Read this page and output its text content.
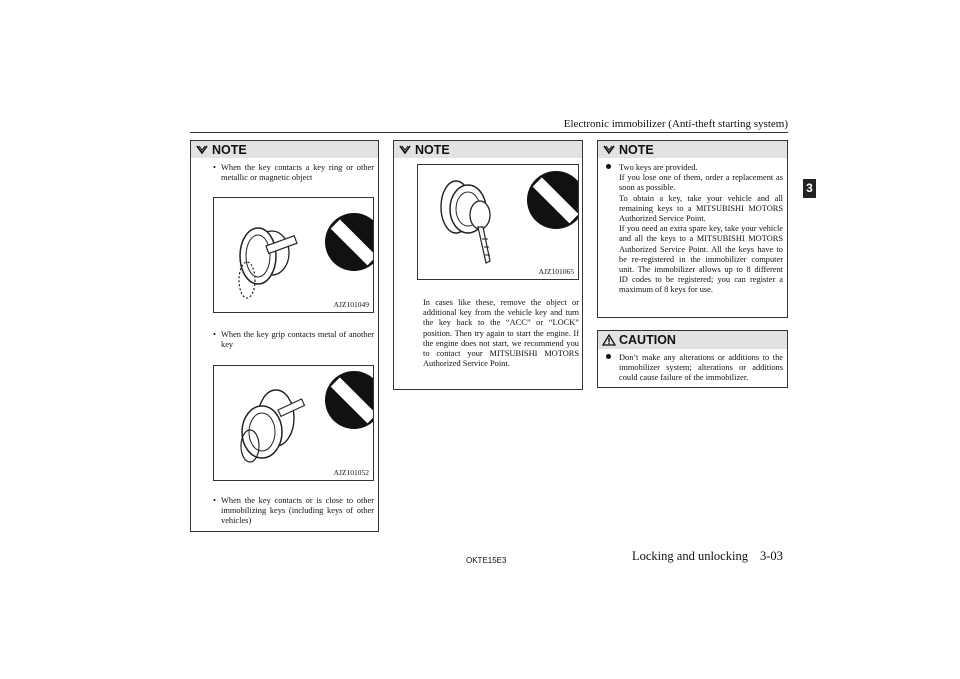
Electronic immobilizer (Anti-theft starting system)
3
NOTE
• When the key contacts a key ring or other metallic or magnetic object
AJZ101049
• When the key grip contacts metal of another key
AJZ101052
• When the key contacts or is close to other immobilizing keys (including keys of other vehicles)
NOTE
AJZ101065
In cases like these, remove the object or additional key from the vehicle key and turn the key back to the “ACC” or “LOCK” position. Then try again to start the engine. If the engine does not start, we recommend you to contact your MITSUBISHI MOTORS Authorized Service Point.
NOTE
Two keys are provided.
If you lose one of them, order a replacement as soon as possible.
To obtain a key, take your vehicle and all remaining keys to a MITSUBISHI MOTORS Authorized Service Point.
If you need an extra spare key, take your vehicle and all the keys to a MITSUBISHI MOTORS Authorized Service Point. All the keys have to be re-registered in the immobilizer computer unit. The immobilizer allows up to 8 different ID codes to be registered; you can register a maximum of 8 keys for use.
CAUTION
Don’t make any alterations or additions to the immobilizer system; alterations or additions could cause failure of the immobilizer.
OKTE15E3	Locking and unlocking 3-03
